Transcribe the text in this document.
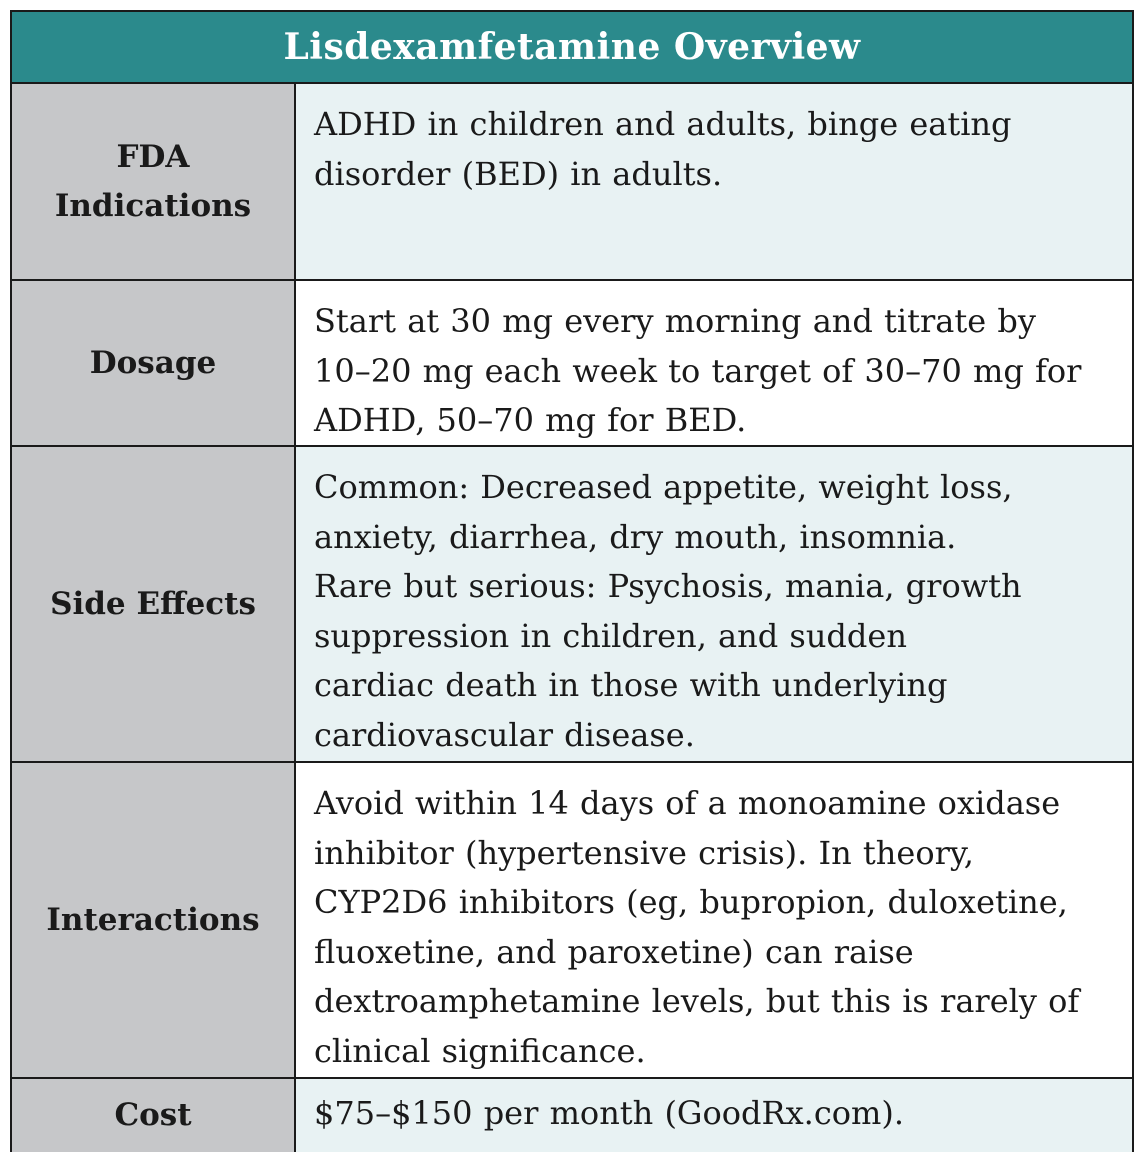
Lisdexamfetamine Overview
FDA
Indications
ADHD in children and adults, binge eating
disorder (BED) in adults.
Dosage
Start at 30 mg every morning and titrate by
10–20 mg each week to target of 30–70 mg for
ADHD, 50–70 mg for BED.
Side Effects
Common: Decreased appetite, weight loss,
anxiety, diarrhea, dry mouth, insomnia.
Rare but serious: Psychosis, mania, growth
suppression in children, and sudden
cardiac death in those with underlying
cardiovascular disease.
Interactions
Avoid within 14 days of a monoamine oxidase
inhibitor (hypertensive crisis). In theory,
CYP2D6 inhibitors (eg, bupropion, duloxetine,
fluoxetine, and paroxetine) can raise
dextroamphetamine levels, but this is rarely of
clinical significance.
Cost	$75–$150 per month (GoodRx.com).
